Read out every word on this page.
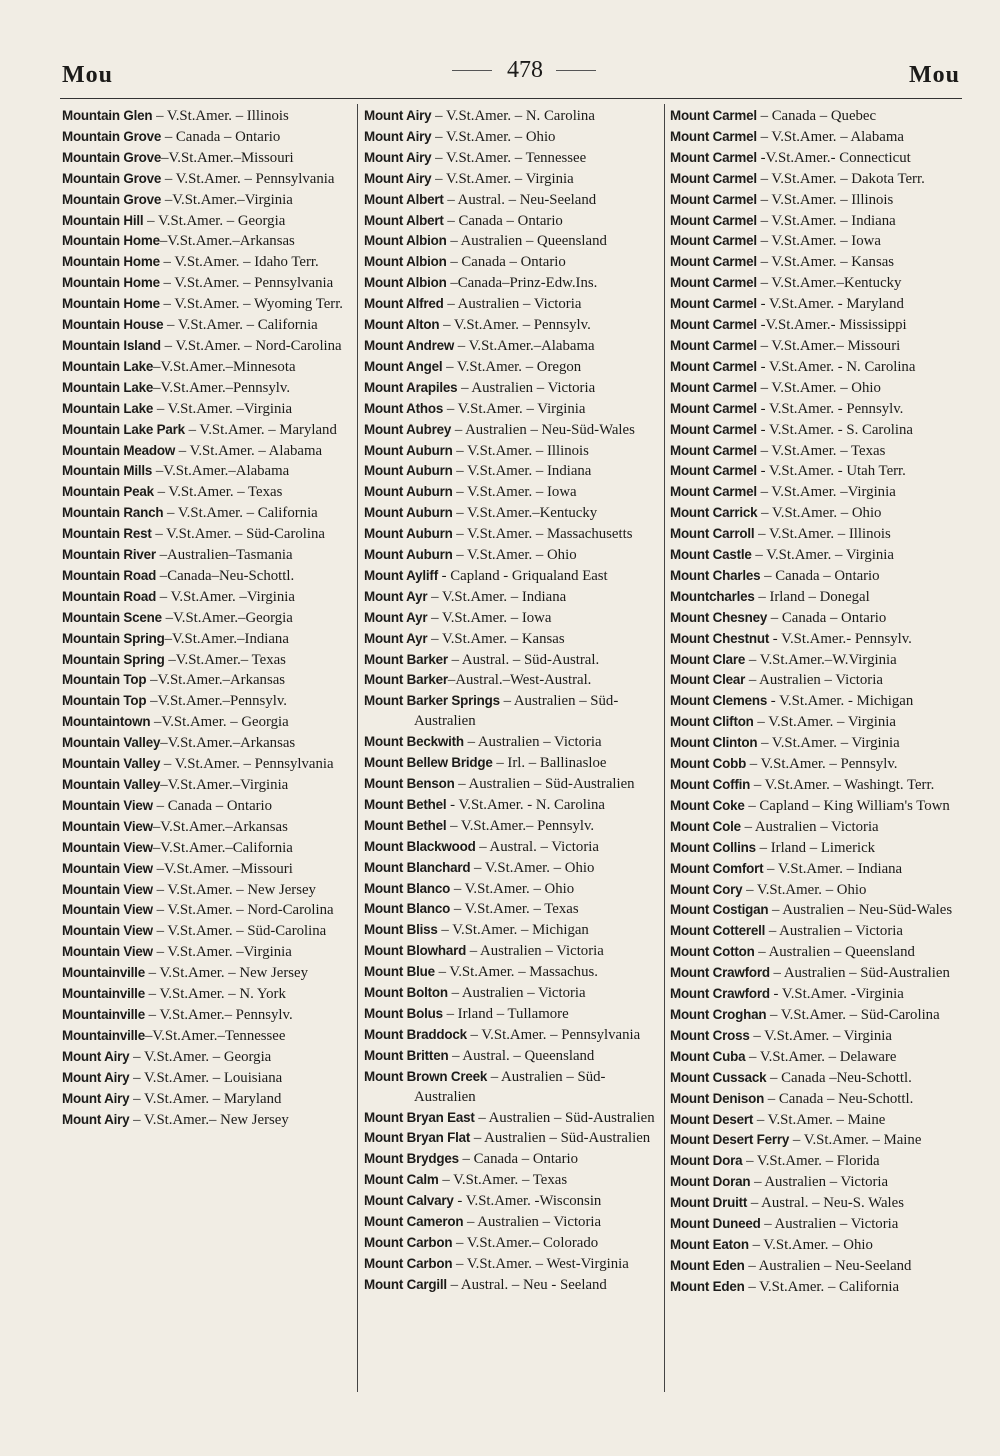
Mou	478	Mou
Mountain Glen – V.St.Amer. – Illinois
Mountain Grove – Canada – Ontario
Mountain Grove–V.St.Amer.–Missouri
Mountain Grove – V.St.Amer. – Pennsylvania
Mountain Grove –V.St.Amer.–Virginia
Mountain Hill – V.St.Amer. – Georgia
Mountain Home–V.St.Amer.–Arkansas
Mountain Home – V.St.Amer. – Idaho Terr.
Mountain Home – V.St.Amer. – Pennsylvania
Mountain Home – V.St.Amer. – Wyoming Terr.
Mountain House – V.St.Amer. – California
Mountain Island – V.St.Amer. – Nord-Carolina
Mountain Lake–V.St.Amer.–Minnesota
Mountain Lake–V.St.Amer.–Pennsylv.
Mountain Lake – V.St.Amer. –Virginia
Mountain Lake Park – V.St.Amer. – Maryland
Mountain Meadow – V.St.Amer. – Alabama
Mountain Mills –V.St.Amer.–Alabama
Mountain Peak – V.St.Amer. – Texas
Mountain Ranch – V.St.Amer. – California
Mountain Rest – V.St.Amer. – Süd-Carolina
Mountain River –Australien–Tasmania
Mountain Road –Canada–Neu-Schottl.
Mountain Road – V.St.Amer. –Virginia
Mountain Scene –V.St.Amer.–Georgia
Mountain Spring–V.St.Amer.–Indiana
Mountain Spring –V.St.Amer.– Texas
Mountain Top –V.St.Amer.–Arkansas
Mountain Top –V.St.Amer.–Pennsylv.
Mountaintown –V.St.Amer. – Georgia
Mountain Valley–V.St.Amer.–Arkansas
Mountain Valley – V.St.Amer. – Pennsylvania
Mountain Valley–V.St.Amer.–Virginia
Mountain View – Canada – Ontario
Mountain View–V.St.Amer.–Arkansas
Mountain View–V.St.Amer.–California
Mountain View –V.St.Amer. –Missouri
Mountain View – V.St.Amer. – New Jersey
Mountain View – V.St.Amer. – Nord-Carolina
Mountain View – V.St.Amer. – Süd-Carolina
Mountain View – V.St.Amer. –Virginia
Mountainville – V.St.Amer. – New Jersey
Mountainville – V.St.Amer. – N. York
Mountainville – V.St.Amer.– Pennsylv.
Mountainville–V.St.Amer.–Tennessee
Mount Airy – V.St.Amer. – Georgia
Mount Airy – V.St.Amer. – Louisiana
Mount Airy – V.St.Amer. – Maryland
Mount Airy – V.St.Amer.– New Jersey
Mount Airy – V.St.Amer. – N. Carolina
Mount Airy – V.St.Amer. – Ohio
Mount Airy – V.St.Amer. – Tennessee
Mount Airy – V.St.Amer. – Virginia
Mount Albert – Austral. – Neu-Seeland
Mount Albert – Canada – Ontario
Mount Albion – Australien – Queensland
Mount Albion – Canada – Ontario
Mount Albion –Canada–Prinz-Edw.Ins.
Mount Alfred – Australien – Victoria
Mount Alton – V.St.Amer. – Pennsylv.
Mount Andrew – V.St.Amer.–Alabama
Mount Angel – V.St.Amer. – Oregon
Mount Arapiles – Australien – Victoria
Mount Athos – V.St.Amer. – Virginia
Mount Aubrey – Australien – Neu-Süd-Wales
Mount Auburn – V.St.Amer. – Illinois
Mount Auburn – V.St.Amer. – Indiana
Mount Auburn – V.St.Amer. – Iowa
Mount Auburn – V.St.Amer.–Kentucky
Mount Auburn – V.St.Amer. – Massachusetts
Mount Auburn – V.St.Amer. – Ohio
Mount Ayliff - Capland - Griqualand East
Mount Ayr – V.St.Amer. – Indiana
Mount Ayr – V.St.Amer. – Iowa
Mount Ayr – V.St.Amer. – Kansas
Mount Barker – Austral. – Süd-Austral.
Mount Barker–Austral.–West-Austral.
Mount Barker Springs – Australien – Süd-Australien
Mount Beckwith – Australien – Victoria
Mount Bellew Bridge – Irl. – Ballinasloe
Mount Benson – Australien – Süd-Australien
Mount Bethel - V.St.Amer. - N. Carolina
Mount Bethel – V.St.Amer.– Pennsylv.
Mount Blackwood – Austral. – Victoria
Mount Blanchard – V.St.Amer. – Ohio
Mount Blanco – V.St.Amer. – Ohio
Mount Blanco – V.St.Amer. – Texas
Mount Bliss – V.St.Amer. – Michigan
Mount Blowhard – Australien – Victoria
Mount Blue – V.St.Amer. – Massachus.
Mount Bolton – Australien – Victoria
Mount Bolus – Irland – Tullamore
Mount Braddock – V.St.Amer. – Pennsylvania
Mount Britten – Austral. – Queensland
Mount Brown Creek – Australien – Süd-Australien
Mount Bryan East – Australien – Süd-Australien
Mount Bryan Flat – Australien – Süd-Australien
Mount Brydges – Canada – Ontario
Mount Calm – V.St.Amer. – Texas
Mount Calvary - V.St.Amer. -Wisconsin
Mount Cameron – Australien – Victoria
Mount Carbon – V.St.Amer.– Colorado
Mount Carbon – V.St.Amer. – West-Virginia
Mount Cargill – Austral. – Neu - Seeland
Mount Carmel – Canada – Quebec
Mount Carmel – V.St.Amer. – Alabama
Mount Carmel -V.St.Amer.- Connecticut
Mount Carmel – V.St.Amer. – Dakota Terr.
Mount Carmel – V.St.Amer. – Illinois
Mount Carmel – V.St.Amer. – Indiana
Mount Carmel – V.St.Amer. – Iowa
Mount Carmel – V.St.Amer. – Kansas
Mount Carmel – V.St.Amer.–Kentucky
Mount Carmel - V.St.Amer. - Maryland
Mount Carmel -V.St.Amer.- Mississippi
Mount Carmel – V.St.Amer.– Missouri
Mount Carmel - V.St.Amer. - N. Carolina
Mount Carmel – V.St.Amer. – Ohio
Mount Carmel - V.St.Amer. - Pennsylv.
Mount Carmel - V.St.Amer. - S. Carolina
Mount Carmel – V.St.Amer. – Texas
Mount Carmel - V.St.Amer. - Utah Terr.
Mount Carmel – V.St.Amer. –Virginia
Mount Carrick – V.St.Amer. – Ohio
Mount Carroll – V.St.Amer. – Illinois
Mount Castle – V.St.Amer. – Virginia
Mount Charles – Canada – Ontario
Mountcharles – Irland – Donegal
Mount Chesney – Canada – Ontario
Mount Chestnut - V.St.Amer.- Pennsylv.
Mount Clare – V.St.Amer.–W.Virginia
Mount Clear – Australien – Victoria
Mount Clemens - V.St.Amer. - Michigan
Mount Clifton – V.St.Amer. – Virginia
Mount Clinton – V.St.Amer. – Virginia
Mount Cobb – V.St.Amer. – Pennsylv.
Mount Coffin – V.St.Amer. – Washingt. Terr.
Mount Coke – Capland – King William's Town
Mount Cole – Australien – Victoria
Mount Collins – Irland – Limerick
Mount Comfort – V.St.Amer. – Indiana
Mount Cory – V.St.Amer. – Ohio
Mount Costigan – Australien – Neu-Süd-Wales
Mount Cotterell – Australien – Victoria
Mount Cotton – Australien – Queensland
Mount Crawford – Australien – Süd-Australien
Mount Crawford - V.St.Amer. -Virginia
Mount Croghan – V.St.Amer. – Süd-Carolina
Mount Cross – V.St.Amer. – Virginia
Mount Cuba – V.St.Amer. – Delaware
Mount Cussack – Canada –Neu-Schottl.
Mount Denison – Canada – Neu-Schottl.
Mount Desert – V.St.Amer. – Maine
Mount Desert Ferry – V.St.Amer. – Maine
Mount Dora – V.St.Amer. – Florida
Mount Doran – Australien – Victoria
Mount Druitt – Austral. – Neu-S. Wales
Mount Duneed – Australien – Victoria
Mount Eaton – V.St.Amer. – Ohio
Mount Eden – Australien – Neu-Seeland
Mount Eden – V.St.Amer. – California
